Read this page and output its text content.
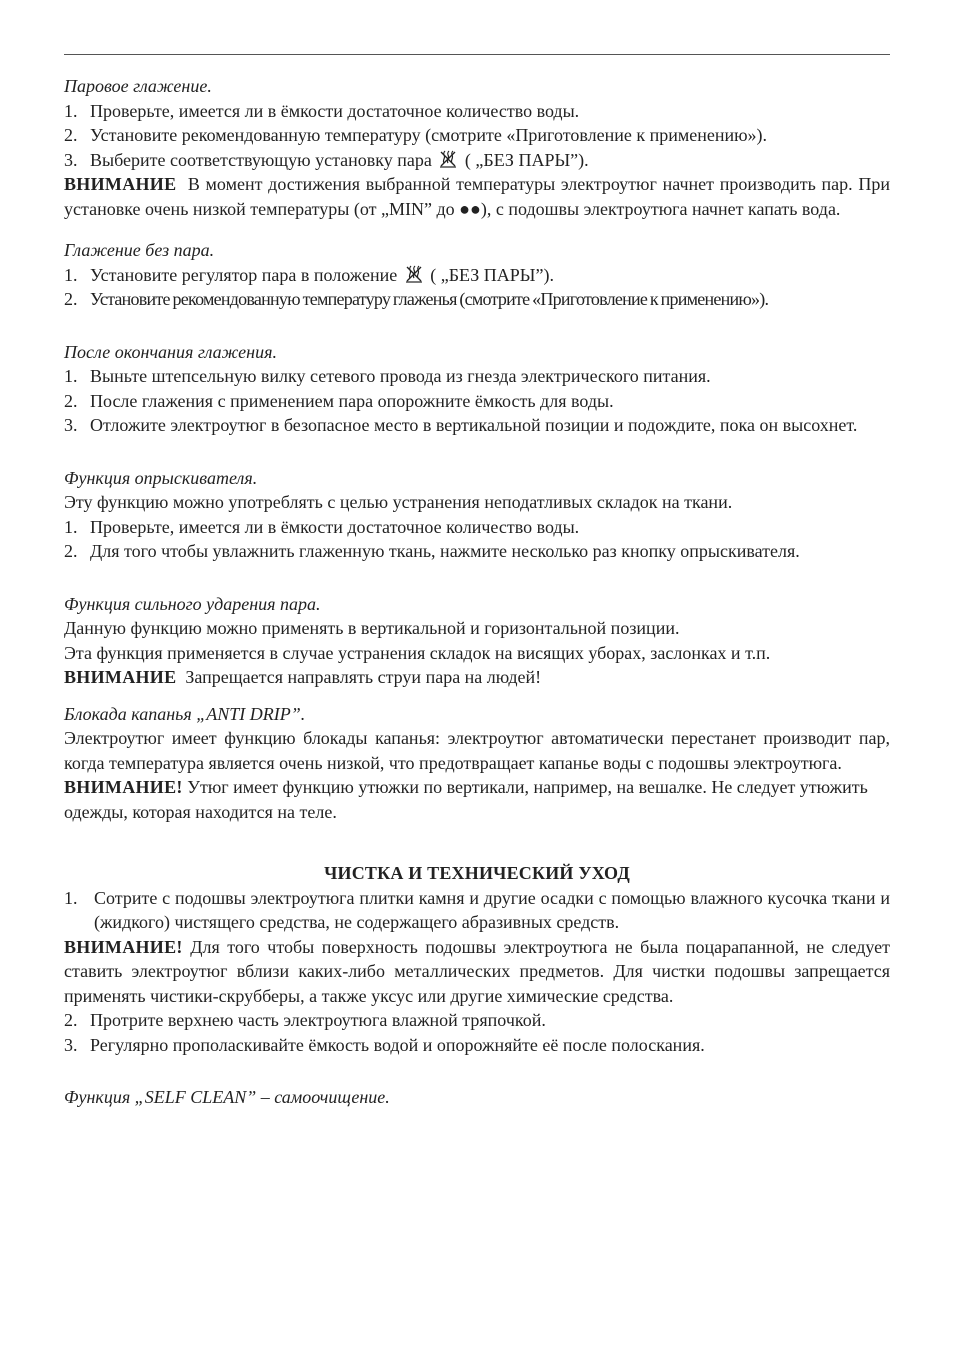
Паровое глажение.

1. Проверьте, имеется ли в ёмкости достаточное количество воды.
2. Установите рекомендованную температуру (смотрите «Приготовление к применению»).
3. Выберите соответствующую установку пара ( „БЕЗ ПАРЫ”).

ВНИМАНИЕ В момент достижения выбранной температуры электроутюг начнет производить пар. При установке очень низкой температуры (от „MIN” до ●●), с подошвы электроутюга начнет капать вода.

Глажение без пара.

1. Установите регулятор пара в положение ( „БЕЗ ПАРЫ”).
2. Установите рекомендованную температуру глаженья (смотрите «Приготовление к применению»).

После окончания глажения.

1. Выньте штепсельную вилку сетевого провода из гнезда электрического питания.
2. После глажения с применением пара опорожните ёмкость для воды.
3. Отложите электроутюг в безопасное место в вертикальной позиции и подождите, пока он высохнет.

Функция опрыскивателя.

Эту функцию можно употреблять с целью устранения неподатливых складок на ткани.

1. Проверьте, имеется ли в ёмкости достаточное количество воды.
2. Для того чтобы увлажнить глаженную ткань, нажмите несколько раз кнопку опрыскивателя.

Функция сильного ударения пара.

Данную функцию можно применять в вертикальной и горизонтальной позиции.

Эта функция применяется в случае устранения складок на висящих уборах, заслонках и т.п.

ВНИМАНИЕ Запрещается направлять струи пара на людей!

Блокада капанья „ANTI DRIP”.

Электроутюг имеет функцию блокады капанья: электроутюг автоматически перестанет производит пар, когда температура является очень низкой, что предотвращает капанье воды с подошвы электроутюга.

ВНИМАНИЕ! Утюг имеет функцию утюжки по вертикали, например, на вешалке. Не следует утюжить одежды, которая находится на теле.

ЧИСТКА И ТЕХНИЧЕСКИЙ УХОД

1. Сотрите с подошвы электроутюга плитки камня и другие осадки с помощью влажного кусочка ткани и (жидкого) чистящего средства, не содержащего абразивных средств.

ВНИМАНИЕ! Для того чтобы поверхность подошвы электроутюга не была поцарапанной, не следует ставить электроутюг вблизи каких-либо металлических предметов. Для чистки подошвы запрещается применять чистики-скрубберы, а также уксус или другие химические средства.

2. Протрите верхнею часть электроутюга влажной тряпочкой.
3. Регулярно прополаскивайте ёмкость водой и опорожняйте её после полоскания.

Функция „SELF CLEAN” – самоочищение.
